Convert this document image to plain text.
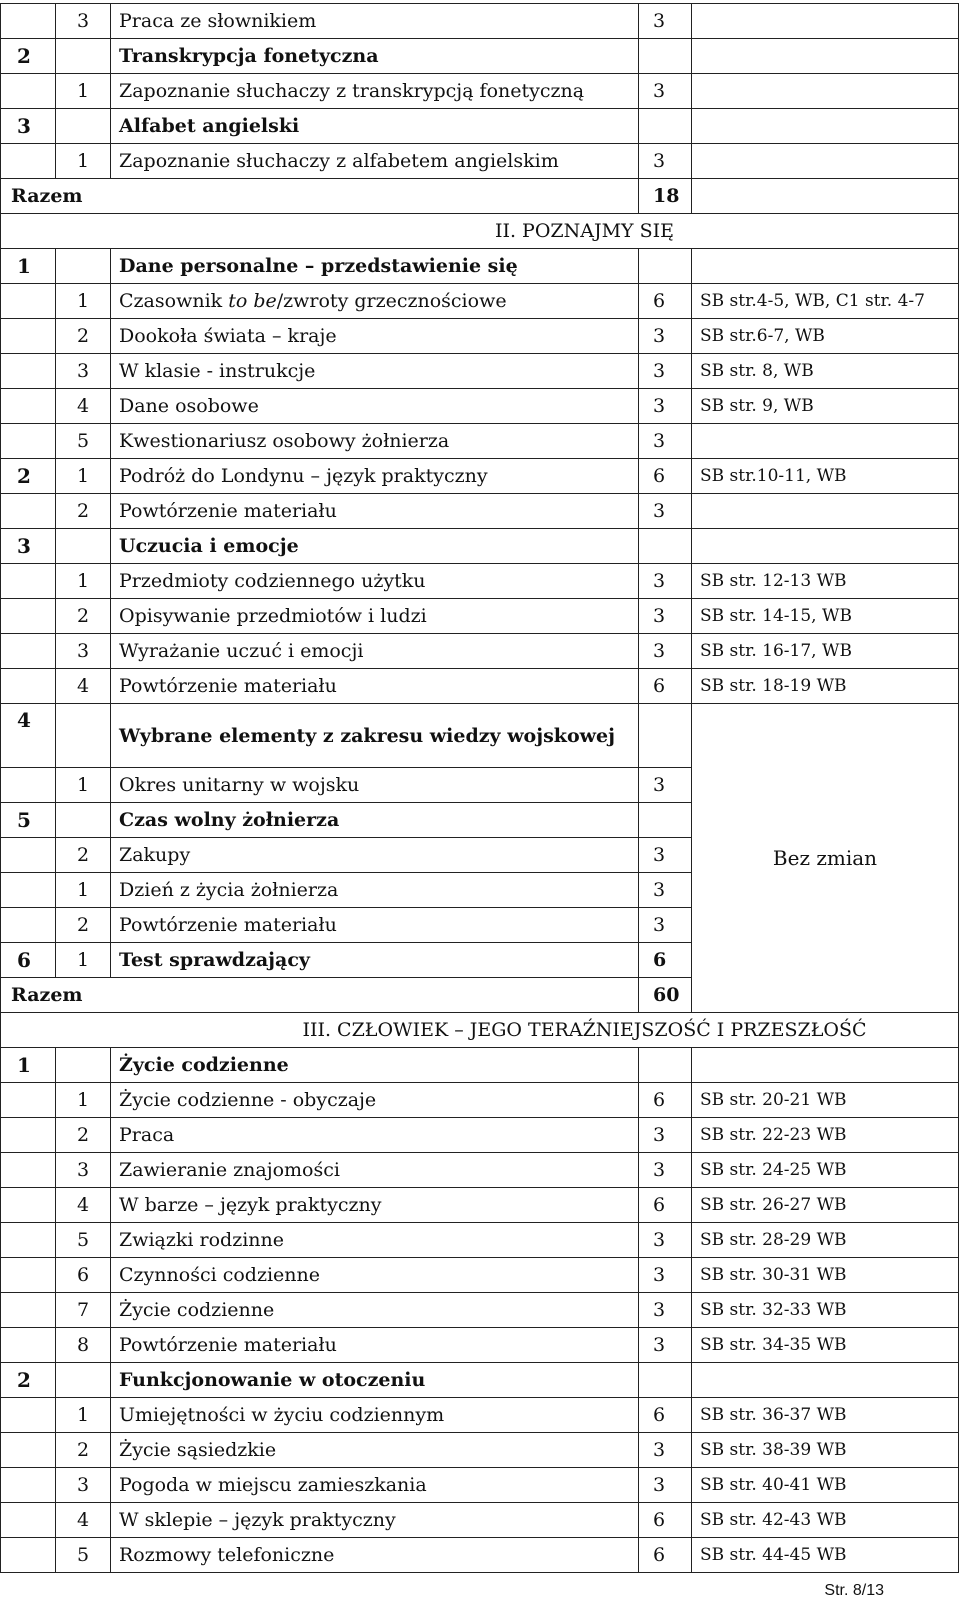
	3	Praca ze słownikiem	3	
2		Transkrypcja fonetyczna		
	1	Zapoznanie słuchaczy z transkrypcją fonetyczną	3	
3		Alfabet angielski		
	1	Zapoznanie słuchaczy z alfabetem angielskim	3	
Razem			18	
II. POZNAJMY SIĘ				
1		Dane personalne – przedstawienie się		
	1	Czasownik to be/zwroty grzecznościowe	6	SB str.4-5, WB, C1 str. 4-7
	2	Dookoła świata – kraje	3	SB str.6-7, WB
	3	W klasie - instrukcje	3	SB str. 8, WB
	4	Dane osobowe	3	SB str. 9, WB
	5	Kwestionariusz osobowy żołnierza	3	
2	1	Podróż do Londynu – język praktyczny	6	SB str.10-11, WB
	2	Powtórzenie materiału	3	
3		Uczucia i emocje		
	1	Przedmioty codziennego użytku	3	SB str. 12-13 WB
	2	Opisywanie przedmiotów i ludzi	3	SB str. 14-15, WB
	3	Wyrażanie uczuć i emocji	3	SB str. 16-17, WB
	4	Powtórzenie materiału	6	SB str. 18-19 WB
4		Wybrane elementy z zakresu wiedzy wojskowej		Bez zmian
	1	Okres unitarny w wojsku	3	
5		Czas wolny żołnierza		
	2	Zakupy	3	
	1	Dzień z życia żołnierza	3	
	2	Powtórzenie materiału	3	
6	1	Test sprawdzający	6	
Razem			60	
III. CZŁOWIEK – JEGO TERAŹNIEJSZOŚĆ I PRZESZŁOŚĆ				
1		Życie codzienne		
	1	Życie codzienne - obyczaje	6	SB str. 20-21 WB
	2	Praca	3	SB str. 22-23 WB
	3	Zawieranie znajomości	3	SB str. 24-25 WB
	4	W barze – język praktyczny	6	SB str. 26-27 WB
	5	Związki rodzinne	3	SB str. 28-29 WB
	6	Czynności codzienne	3	SB str. 30-31 WB
	7	Życie codzienne	3	SB str. 32-33 WB
	8	Powtórzenie materiału	3	SB str. 34-35 WB
2		Funkcjonowanie w otoczeniu		
	1	Umiejętności w życiu codziennym	6	SB str. 36-37 WB
	2	Życie sąsiedzkie	3	SB str. 38-39 WB
	3	Pogoda w miejscu zamieszkania	3	SB str. 40-41 WB
	4	W sklepie – język praktyczny	6	SB str. 42-43 WB
	5	Rozmowy telefoniczne	6	SB str. 44-45 WB
Str. 8/13
